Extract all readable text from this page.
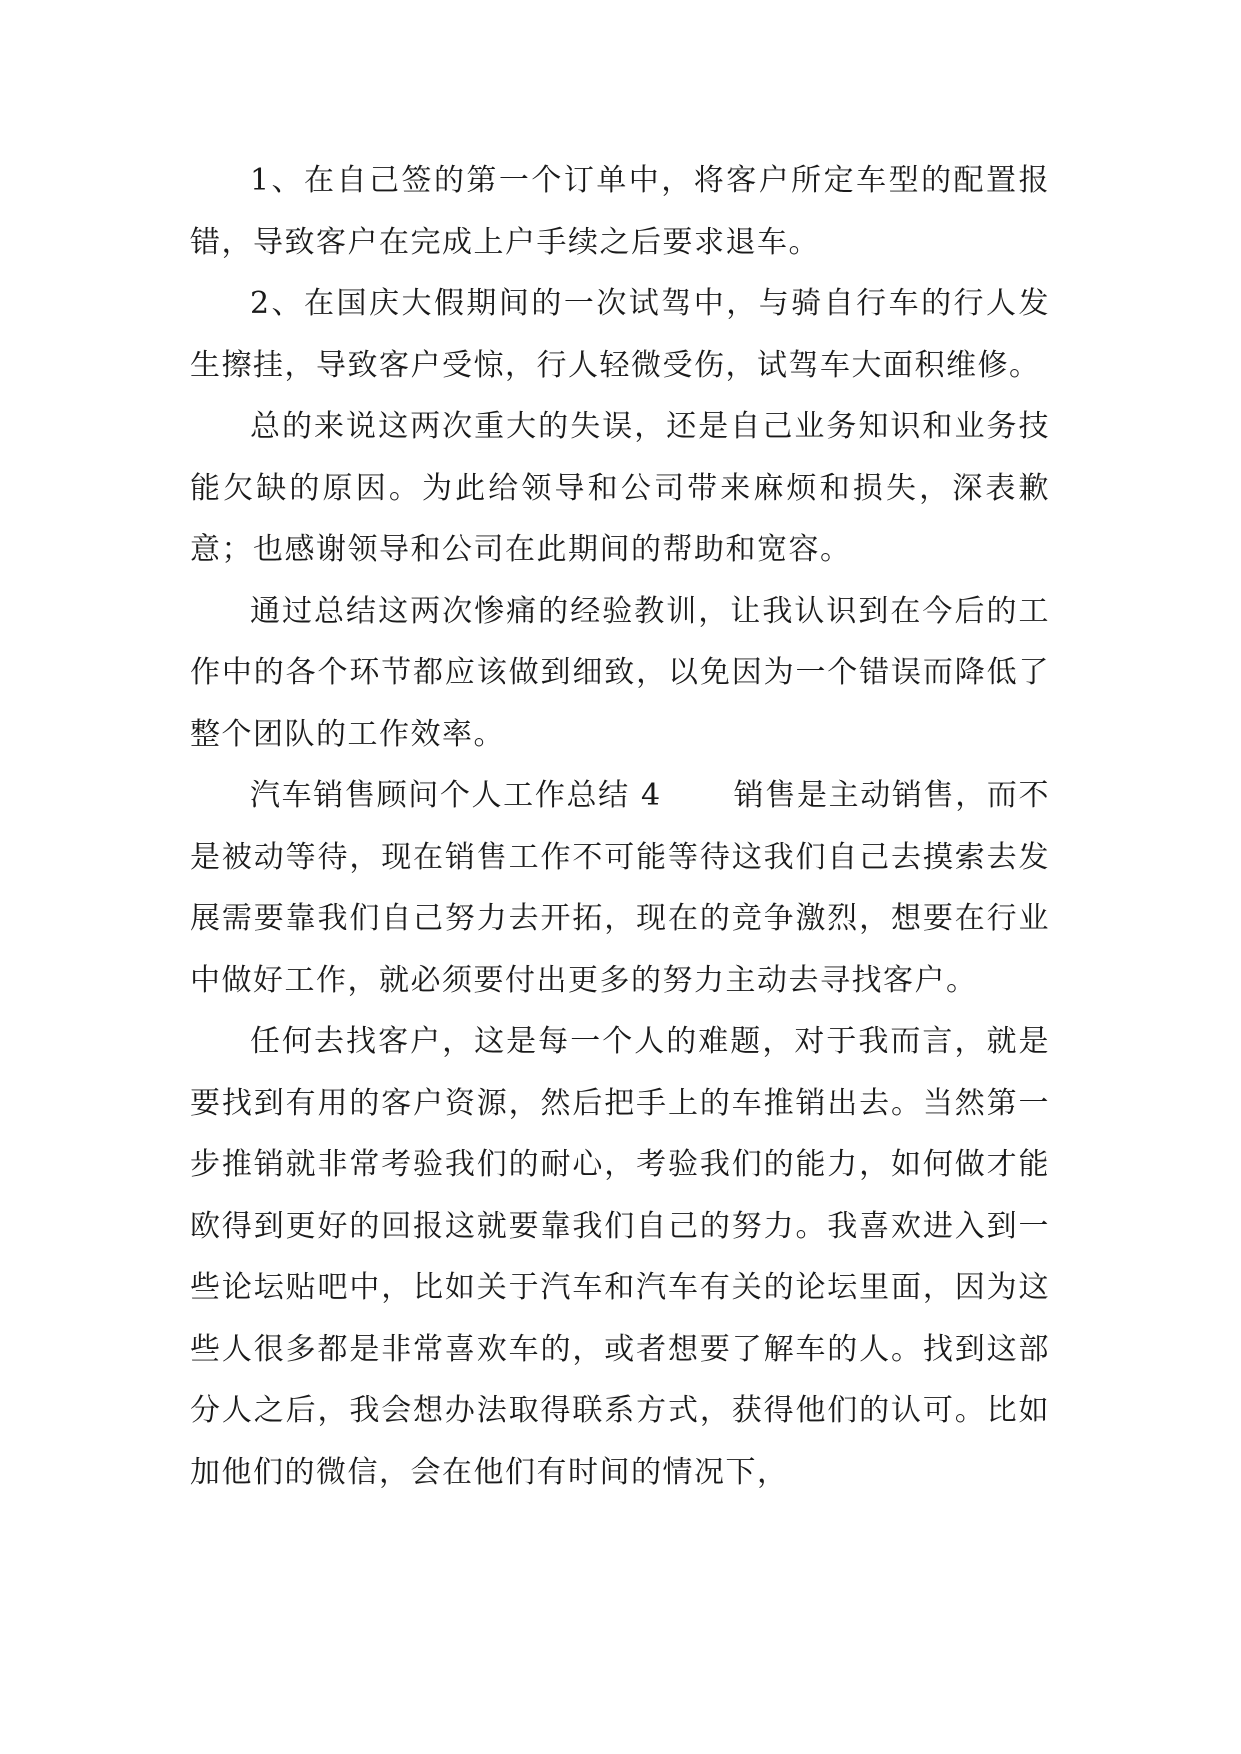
1、在自己签的第一个订单中，将客户所定车型的配置报错，导致客户在完成上户手续之后要求退车。

2、在国庆大假期间的一次试驾中，与骑自行车的行人发生擦挂，导致客户受惊，行人轻微受伤，试驾车大面积维修。

总的来说这两次重大的失误，还是自己业务知识和业务技能欠缺的原因。为此给领导和公司带来麻烦和损失，深表歉意；也感谢领导和公司在此期间的帮助和宽容。

通过总结这两次惨痛的经验教训，让我认识到在今后的工作中的各个环节都应该做到细致，以免因为一个错误而降低了整个团队的工作效率。

汽车销售顾问个人工作总结 4 销售是主动销售，而不是被动等待，现在销售工作不可能等待这我们自己去摸索去发展需要靠我们自己努力去开拓，现在的竞争激烈，想要在行业中做好工作，就必须要付出更多的努力主动去寻找客户。

任何去找客户，这是每一个人的难题，对于我而言，就是要找到有用的客户资源，然后把手上的车推销出去。当然第一步推销就非常考验我们的耐心，考验我们的能力，如何做才能欧得到更好的回报这就要靠我们自己的努力。我喜欢进入到一些论坛贴吧中，比如关于汽车和汽车有关的论坛里面，因为这些人很多都是非常喜欢车的，或者想要了解车的人。找到这部分人之后，我会想办法取得联系方式，获得他们的认可。比如加他们的微信，会在他们有时间的情况下，
